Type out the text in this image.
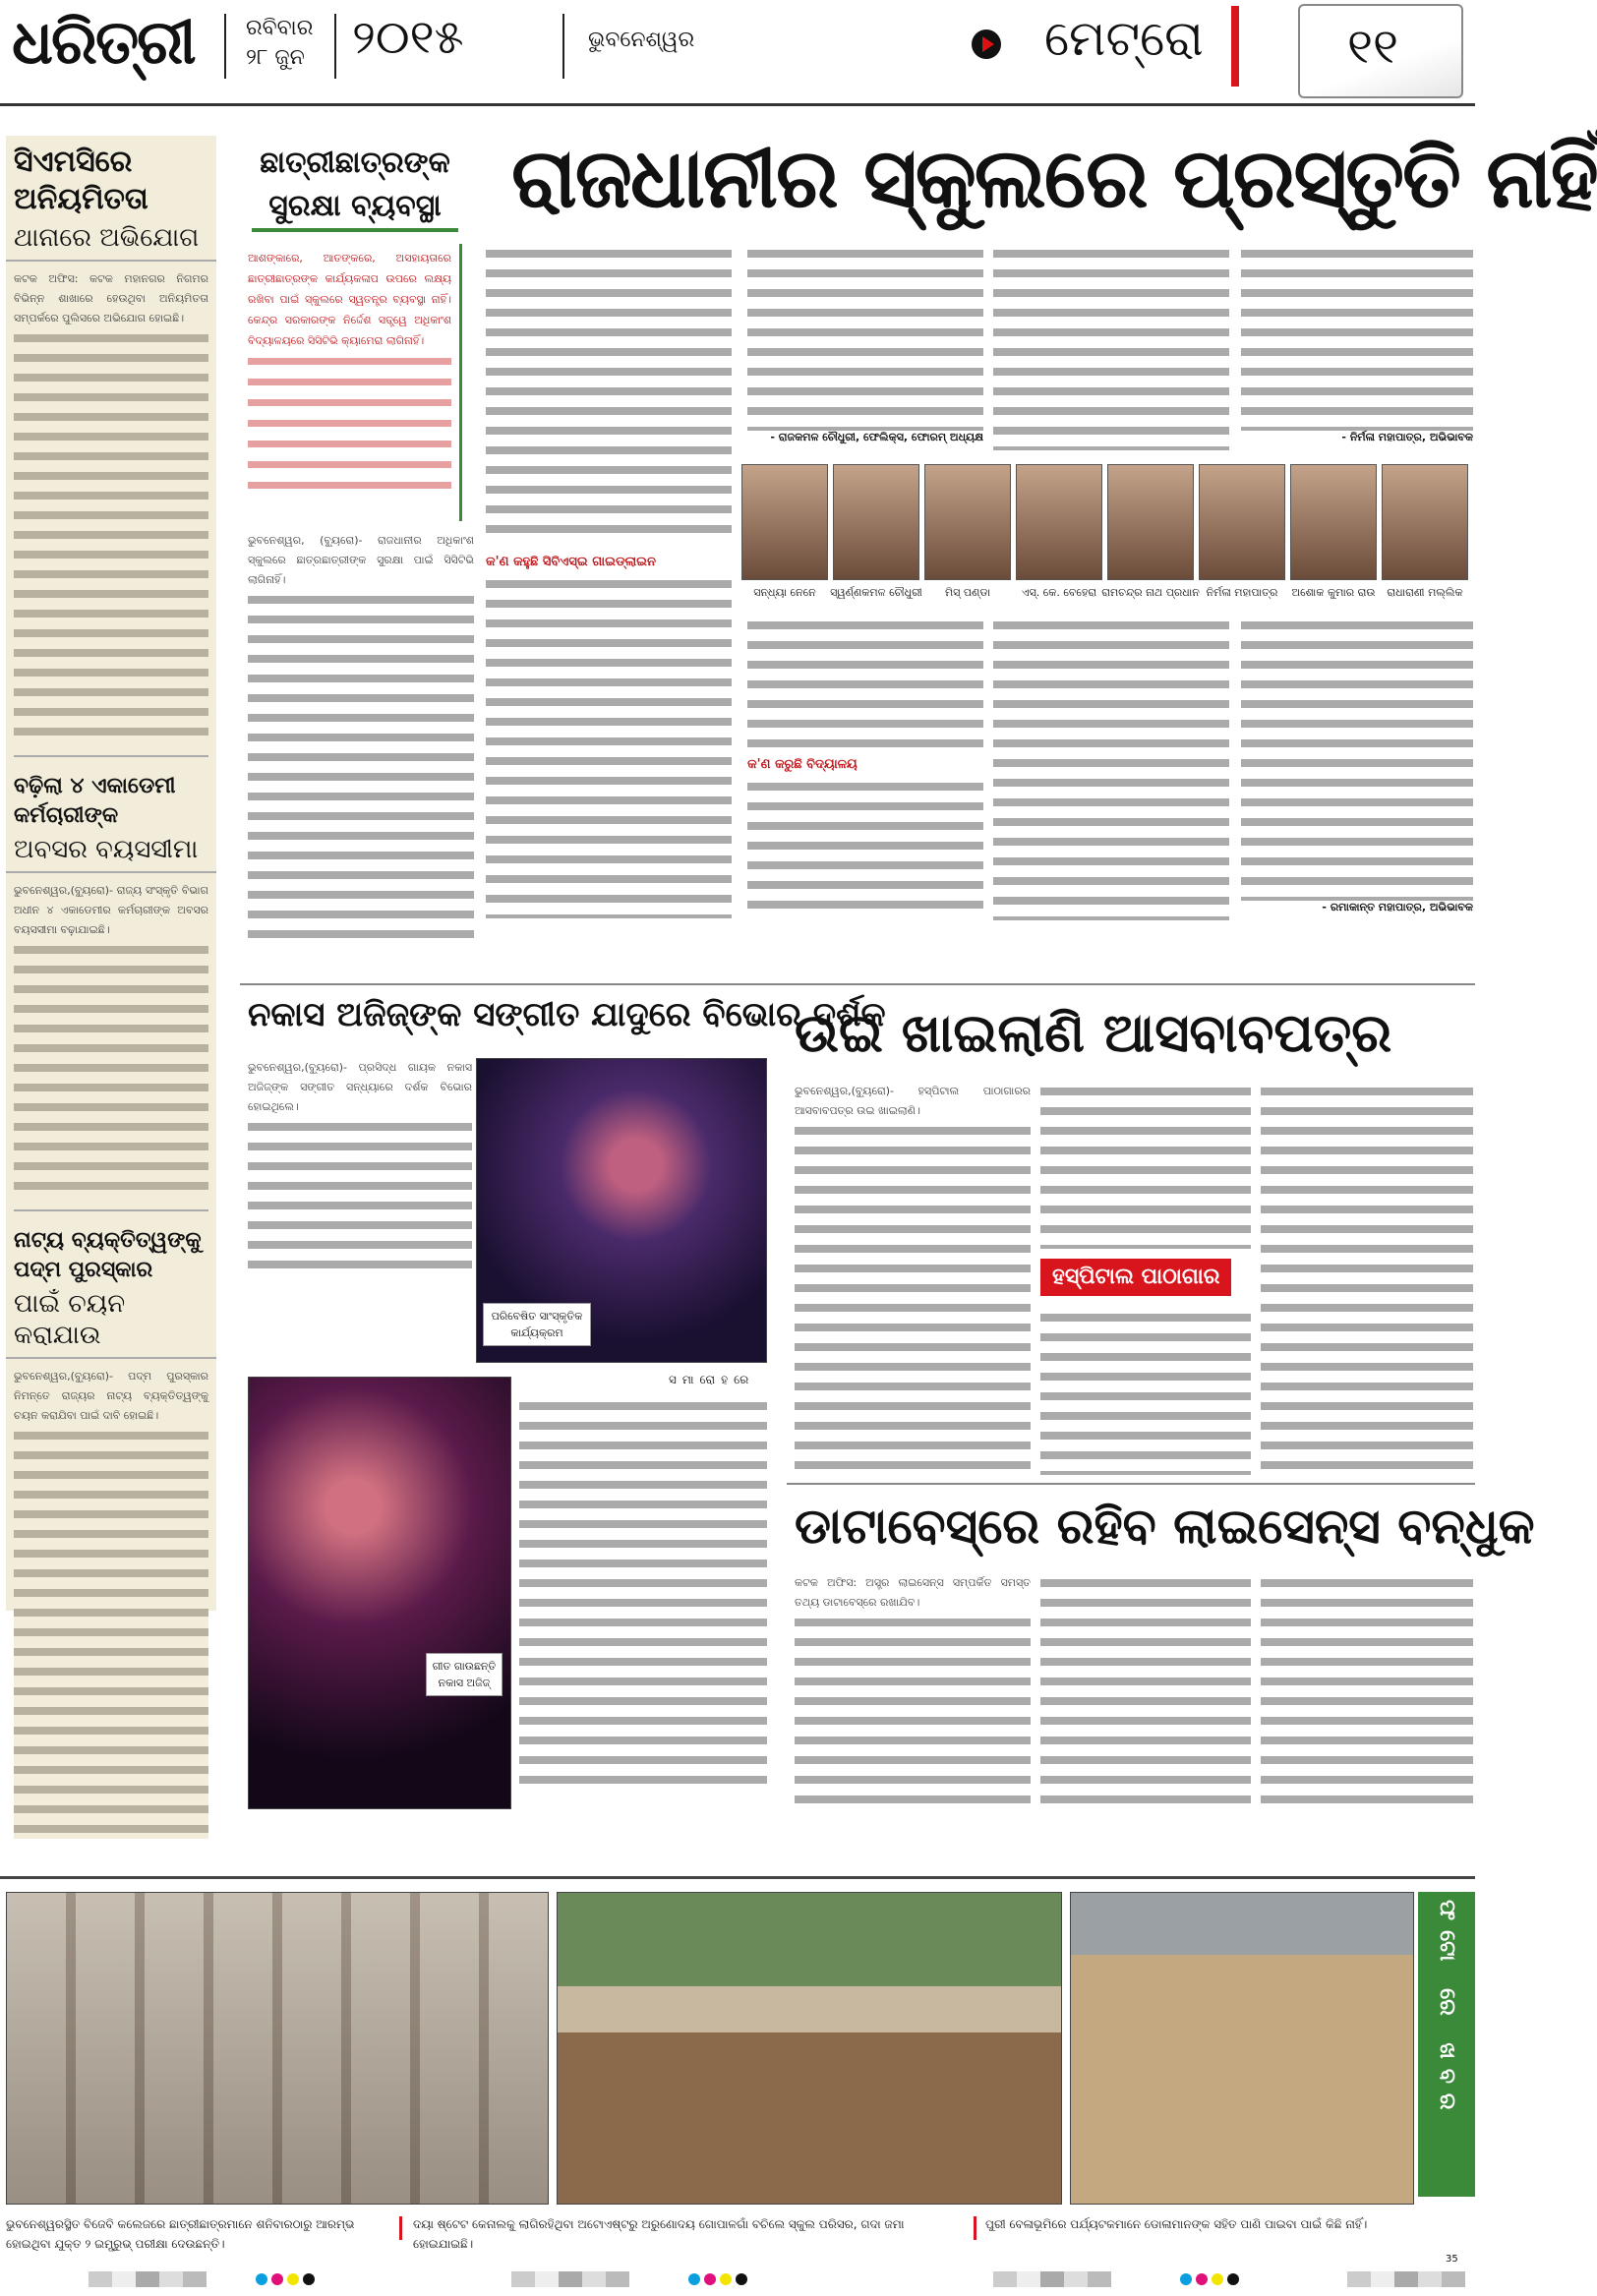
ଧରିତ୍ରୀ ରବିବାର
୨୮ ଜୁନ ୨୦୧୫	ଭୁବନେଶ୍ୱର	ମେଟ୍ରୋ	୧୧
ସିଏମସିରେ ଅନିୟମିତତା
ଥାନାରେ ଅଭିଯୋଗ
କଟକ ଅଫିସ: କଟକ ମହାନଗର ନିଗମର ବିଭିନ୍ନ ଶାଖାରେ ହେଉଥିବା ଅନିୟମିତତା ସମ୍ପର୍କରେ ପୁଲିସରେ ଅଭିଯୋଗ ହୋଇଛି।
ବଢ଼ିଲା ୪ ଏକାଡେମୀ କର୍ମଚାରୀଙ୍କ
ଅବସର ବୟସସୀମା
ଭୁବନେଶ୍ୱର,(ବ୍ୟୁରୋ)- ରାଜ୍ୟ ସଂସ୍କୃତି ବିଭାଗ ଅଧୀନ ୪ ଏକାଡେମୀର କର୍ମଚାରୀଙ୍କ ଅବସର ବୟସସୀମା ବଢ଼ାଯାଇଛି।
ନାଟ୍ୟ ବ୍ୟକ୍ତିତ୍ୱଙ୍କୁ ପଦ୍ମ ପୁରସ୍କାର
ପାଇଁ ଚୟନ କରାଯାଉ
ଭୁବନେଶ୍ୱର,(ବ୍ୟୁରୋ)- ପଦ୍ମ ପୁରସ୍କାର ନିମନ୍ତେ ରାଜ୍ୟର ନାଟ୍ୟ ବ୍ୟକ୍ତିତ୍ୱଙ୍କୁ ଚୟନ କରାଯିବା ପାଇଁ ଦାବି ହୋଇଛି।
ଛାତ୍ରୀଛାତ୍ରଙ୍କ
ସୁରକ୍ଷା ବ୍ୟବସ୍ଥା ରାଜଧାନୀର ସ୍କୁଲରେ ପ୍ରସ୍ତୁତି ନାହିଁ
ଆଶଙ୍କାରେ, ଆତଙ୍କରେ, ଅସହାୟତାରେ ଛାତ୍ରୀଛାତ୍ରଙ୍କ କାର୍ଯ୍ୟକଳାପ ଉପରେ ଲକ୍ଷ୍ୟ ରଖିବା ପାଇଁ ସ୍କୁଲରେ ସ୍ୱତନ୍ତ୍ର ବ୍ୟବସ୍ଥା ନାହିଁ। କେନ୍ଦ୍ର ସରକାରଙ୍କ ନିର୍ଦ୍ଦେଶ ସତ୍ତ୍ୱେ ଅଧିକାଂଶ ବିଦ୍ୟାଳୟରେ ସିସିଟିଭି କ୍ୟାମେରା ଲାଗିନାହିଁ।
ଭୁବନେଶ୍ୱର, (ବ୍ୟୁରୋ)- ରାଜଧାନୀର ଅଧିକାଂଶ ସ୍କୁଲରେ ଛାତ୍ରଛାତ୍ରୀଙ୍କ ସୁରକ୍ଷା ପାଇଁ ସିସିଟିଭି ଲାଗିନାହିଁ।
କ'ଣ କହୁଛି ସିବିଏସ୍ଇ ଗାଇଡ୍ଲାଇନ
- ରାଜକମଳ ଚୌଧୁରୀ, ଫେଲିକ୍ସ, ଫୋରମ୍ ଅଧ୍ୟକ୍ଷ	- ନିର୍ମଳା ମହାପାତ୍ର, ଅଭିଭାବକ
ସନ୍ଧ୍ୟା ନେନେ	ସ୍ୱର୍ଣ୍ଣକମଳ ଚୌଧୁରୀ	ମିସ୍ ପଣ୍ଡା	ଏସ୍. କେ. ବେହେରା ରାମଚନ୍ଦ୍ର ନାଥ ପ୍ରଧାନ ନିର୍ମଳା ମହାପାତ୍ର	ଅଶୋକ କୁମାର ରାଉ	ରାଧାରାଣୀ ମଲ୍ଲିକ
କ'ଣ କରୁଛି ବିଦ୍ୟାଳୟ
- ରମାକାନ୍ତ ମହାପାତ୍ର, ଅଭିଭାବକ
ନକାସ ଅଜିଜ୍ଙ୍କ ସଙ୍ଗୀତ ଯାଦୁରେ ବିଭୋର ଦର୍ଶକ
ଭୁବନେଶ୍ୱର,(ବ୍ୟୁରୋ)- ପ୍ରସିଦ୍ଧ ଗାୟକ ନକାସ ଅଜିଜ୍ଙ୍କ ସଙ୍ଗୀତ ସନ୍ଧ୍ୟାରେ ଦର୍ଶକ ବିଭୋର ହୋଇଥିଲେ।
ପରିବେଷିତ ସାଂସ୍କୃତିକ କାର୍ଯ୍ୟକ୍ରମ
ଗୀତ ଗାଉଛନ୍ତି ନକାସ ଅଜିଜ୍
ସମାରୋହରେ
ଉଇ ଖାଇଲାଣି ଆସବାବପତ୍ର
ଭୁବନେଶ୍ୱର,(ବ୍ୟୁରୋ)- ହସ୍ପିଟାଲ ପାଠାଗାରର ଆସବାବପତ୍ର ଉଇ ଖାଇଲାଣି।
ହସ୍ପିଟାଲ ପାଠାଗାର
ଡାଟାବେସ୍ରେ ରହିବ ଲାଇସେନ୍ସ ବନ୍ଧୁକ
କଟକ ଅଫିସ: ଅସ୍ତ୍ର ଲାଇସେନ୍ସ ସମ୍ପର୍କିତ ସମସ୍ତ ତଥ୍ୟ ଡାଟାବେସ୍ରେ ରଖାଯିବ।
ଫଟୋ ରେ ଖବର
ଭୁବନେଶ୍ୱରସ୍ଥିତ ବିଜେବି କଲେଜରେ ଛାତ୍ରୀଛାତ୍ରମାନେ ଶନିବାରଠାରୁ ଆରମ୍ଭ ହୋଇଥିବା ଯୁକ୍ତ ୨ ଇମ୍ପ୍ରୁଭ୍ ପରୀକ୍ଷା ଦେଉଛନ୍ତି।
ଦୟା ଷ୍ଟେଟ କେନାଲକୁ ଲାଗିରହିଥିବା ଅଟୋଏଷ୍ଟରୁ ଅରୁଣୋଦୟ ଗୋପାଳଗାଁ ବଚିଲେ ସ୍କୁଲ ପରିସର, ଗଦା ଜମା ହୋଇଯାଇଛି।
ପୁରୀ ବେଳାଭୂମିରେ ପର୍ଯ୍ୟଟକମାନେ ଡୋଳାମାନଙ୍କ ସହିତ ପାଣି ପାଇବା ପାଇଁ କିଛି ନାହିଁ।
35
